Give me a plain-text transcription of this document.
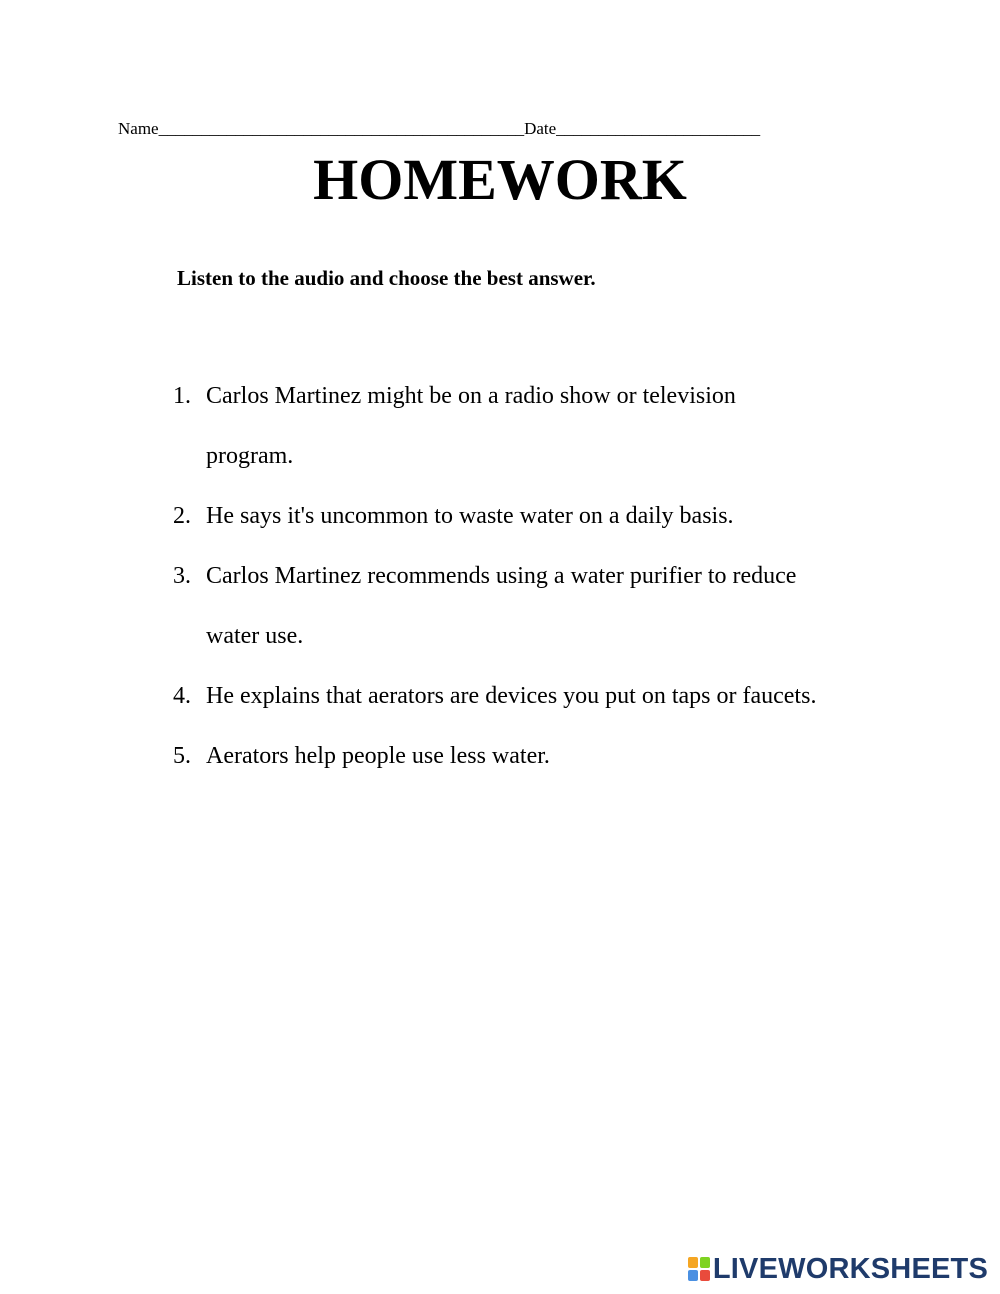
Name___________________________________________Date________________________
HOMEWORK
Listen to the audio and choose the best answer.
1. Carlos Martinez might be on a radio show or television
program.
2. He says it's uncommon to waste water on a daily basis.
3. Carlos Martinez recommends using a water purifier to reduce
water use.
4. He explains that aerators are devices you put on taps or faucets.
5. Aerators help people use less water.
LIVEWORKSHEETS
